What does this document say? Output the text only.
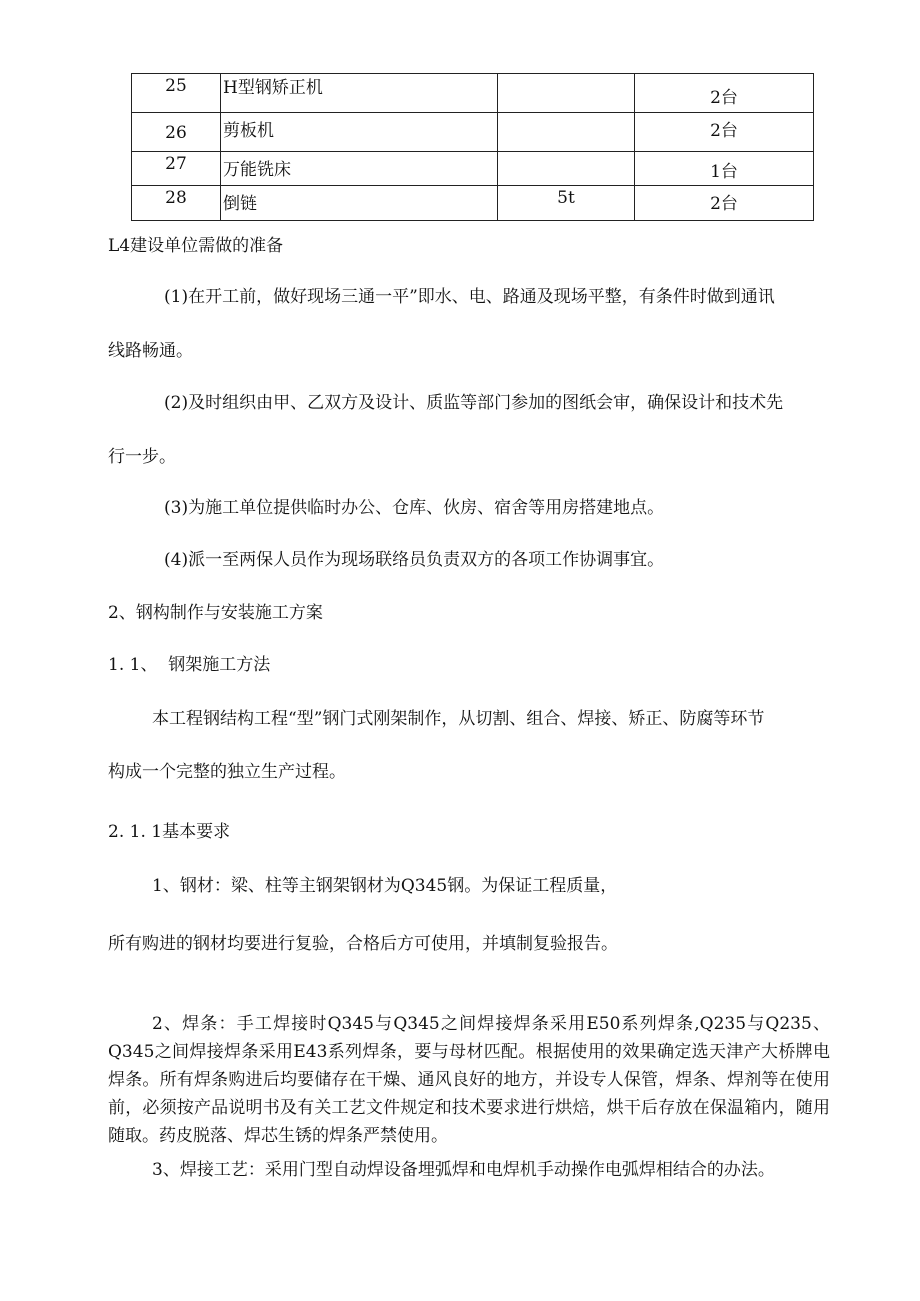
25	H型钢矫正机		2台

26	剪板机		2台

27	万能铣床		1台

28	倒链	5t	2台
L4建设单位需做的准备
(1)在开工前，做好现场三通一平”即水、电、路通及现场平整，有条件时做到通讯
线路畅通。
(2)及时组织由甲、乙双方及设计、质监等部门参加的图纸会审，确保设计和技术先
行一步。
(3)为施工单位提供临时办公、仓库、伙房、宿舍等用房搭建地点。
(4)派一至两保人员作为现场联络员负责双方的各项工作协调事宜。
2、钢构制作与安装施工方案
1. 1、  钢架施工方法
本工程钢结构工程“型”钢门式刚架制作，从切割、组合、焊接、矫正、防腐等环节
构成一个完整的独立生产过程。
2. 1. 1基本要求
1、钢材：梁、柱等主钢架钢材为Q345钢。为保证工程质量，
所有购进的钢材均要进行复验，合格后方可使用，并填制复验报告。
2、焊条：手工焊接时Q345与Q345之间焊接焊条采用E50系列焊条,Q235与Q235、Q345之间焊接焊条采用E43系列焊条，要与母材匹配。根据使用的效果确定选天津产大桥牌电焊条。所有焊条购进后均要储存在干燥、通风良好的地方，并设专人保管，焊条、焊剂等在使用前，必须按产品说明书及有关工艺文件规定和技术要求进行烘焙，烘干后存放在保温箱内，随用随取。药皮脱落、焊芯生锈的焊条严禁使用。
3、焊接工艺：采用门型自动焊设备埋弧焊和电焊机手动操作电弧焊相结合的办法。
